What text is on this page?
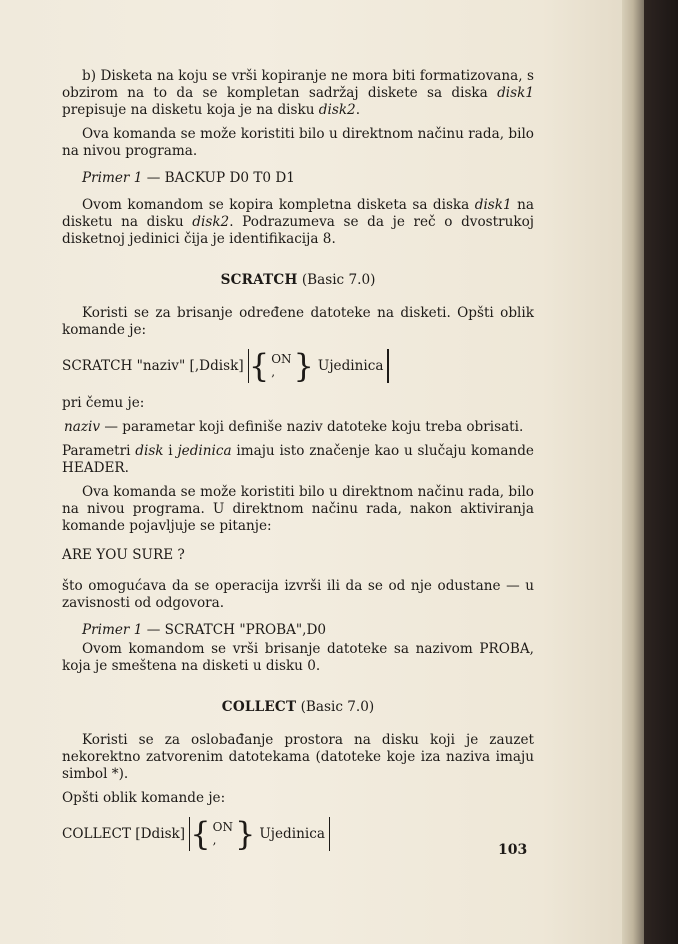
b) Disketa na koju se vrši kopiranje ne mora biti formatizovana, s obzirom na to da se kompletan sadržaj diskete sa diska disk1 prepisuje na disketu koja je na disku disk2.

Ova komanda se može koristiti bilo u direktnom načinu rada, bilo na nivou programa.

Primer 1 — BACKUP D0 T0 D1

Ovom komandom se kopira kompletna disketa sa diska disk1 na disketu na disku disk2. Podrazumeva se da je reč o dvostrukoj disketnoj jedinici čija je identifikacija 8.

SCRATCH (Basic 7.0)

Koristi se za brisanje određene datoteke na disketi. Opšti oblik komande je:

SCRATCH "naziv" [,Ddisk] { ON
, } Ujedinica

pri čemu je:

naziv — parametar koji definiše naziv datoteke koju treba obrisati.

Parametri disk i jedinica imaju isto značenje kao u slučaju komande HEADER.

Ova komanda se može koristiti bilo u direktnom načinu rada, bilo na nivou programa. U direktnom načinu rada, nakon aktiviranja komande pojavljuje se pitanje:

ARE YOU SURE ?

što omogućava da se operacija izvrši ili da se od nje odustane — u zavisnosti od odgovora.

Primer 1 — SCRATCH "PROBA",D0

Ovom komandom se vrši brisanje datoteke sa nazivom PROBA, koja je smeštena na disketi u disku 0.

COLLECT (Basic 7.0)

Koristi se za oslobađanje prostora na disku koji je zauzet nekorektno zatvorenim datotekama (datoteke koje iza naziva imaju simbol *).

Opšti oblik komande je:

COLLECT [Ddisk] { ON
, } Ujedinica
103
